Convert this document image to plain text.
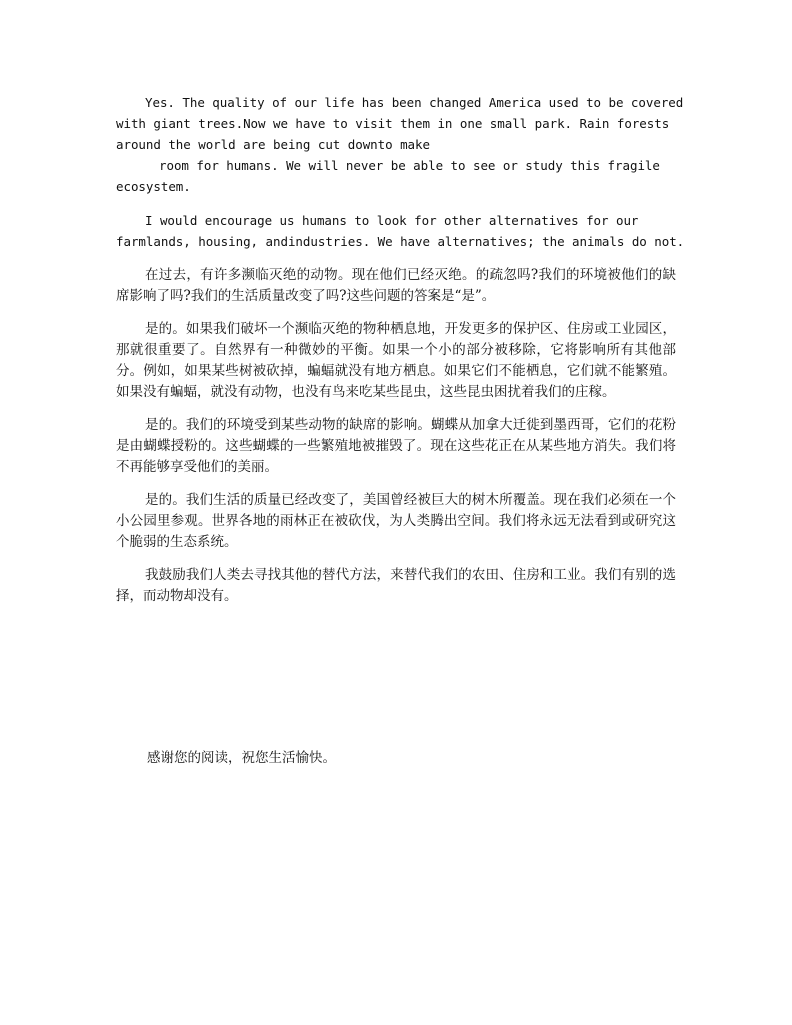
Yes. The quality of our life has been changed America used to be covered
with giant trees.Now we have to visit them in one small park. Rain forests
around the world are being cut downto make
room for humans. We will never be able to see or study this fragile
ecosystem.

I would encourage us humans to look for other alternatives for our
farmlands, housing, andindustries. We have alternatives; the animals do not.

在过去，有许多濒临灭绝的动物。现在他们已经灭绝。的疏忽吗?我们的环境被他们的缺席影响了吗?我们的生活质量改变了吗?这些问题的答案是“是”。

是的。如果我们破坏一个濒临灭绝的物种栖息地，开发更多的保护区、住房或工业园区，那就很重要了。自然界有一种微妙的平衡。如果一个小的部分被移除，它将影响所有其他部分。例如，如果某些树被砍掉，蝙蝠就没有地方栖息。如果它们不能栖息，它们就不能繁殖。如果没有蝙蝠，就没有动物，也没有鸟来吃某些昆虫，这些昆虫困扰着我们的庄稼。

是的。我们的环境受到某些动物的缺席的影响。蝴蝶从加拿大迁徙到墨西哥，它们的花粉是由蝴蝶授粉的。这些蝴蝶的一些繁殖地被摧毁了。现在这些花正在从某些地方消失。我们将不再能够享受他们的美丽。

是的。我们生活的质量已经改变了，美国曾经被巨大的树木所覆盖。现在我们必须在一个小公园里参观。世界各地的雨林正在被砍伐，为人类腾出空间。我们将永远无法看到或研究这个脆弱的生态系统。

我鼓励我们人类去寻找其他的替代方法，来替代我们的农田、住房和工业。我们有别的选择，而动物却没有。

感谢您的阅读，祝您生活愉快。
